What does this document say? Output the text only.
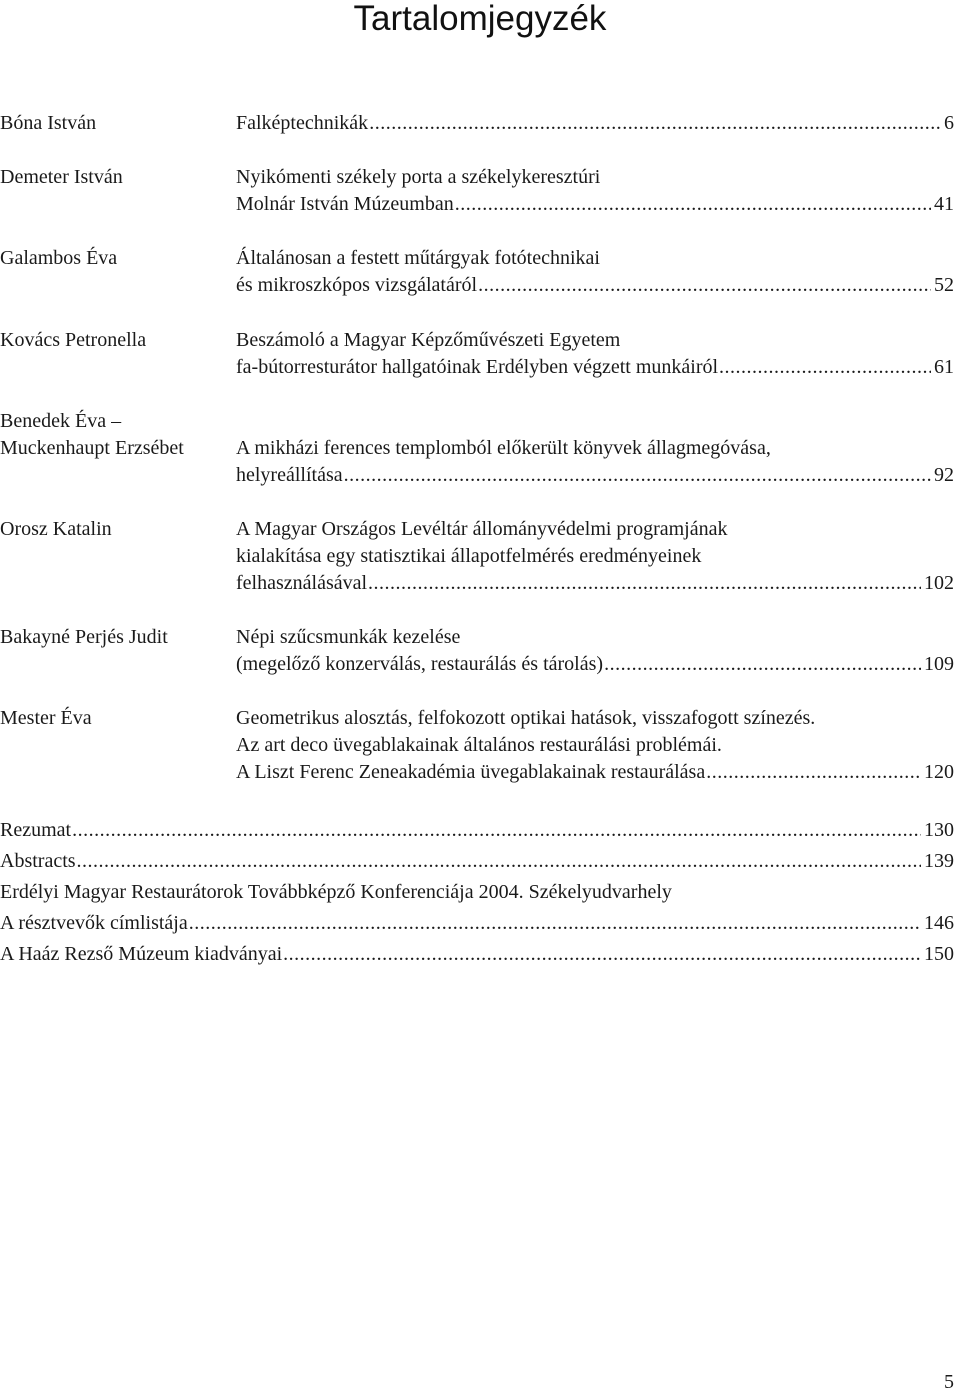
Tartalomjegyzék
Bóna István	Falképtechnikák .....	6
Demeter István	Nyikómenti székely porta a székelykeresztúri
Molnár István Múzeumban .....	41
Galambos Éva	Általánosan a festett műtárgyak fotótechnikai
és mikroszkópos vizsgálatáról .....	52
Kovács Petronella	Beszámoló a Magyar Képzőművészeti Egyetem
fa-bútorresturátor hallgatóinak Erdélyben végzett munkáiról .....	61
Benedek Éva –
Muckenhaupt Erzsébet	A mikházi ferences templomból előkerült könyvek állagmegóvása,
helyreállítása .....	92
Orosz Katalin	A Magyar Országos Levéltár állományvédelmi programjának
kialakítása egy statisztikai állapotfelmérés eredményeinek
felhasználásával .....	102
Bakayné Perjés Judit	Népi szűcsmunkák kezelése
(megelőző konzerválás, restaurálás és tárolás) .....	109
Mester Éva	Geometrikus alosztás, felfokozott optikai hatások, visszafogott színezés.
Az art deco üvegablakainak általános restaurálási problémái.
A Liszt Ferenc Zeneakadémia üvegablakainak restaurálása .....	120
Rezumat .....	130
Abstracts .....	139
Erdélyi Magyar Restaurátorok Továbbképző Konferenciája 2004. Székelyudvarhely
A résztvevők címlistája .....	146
A Haáz Rezső Múzeum kiadványai .....	150
5
